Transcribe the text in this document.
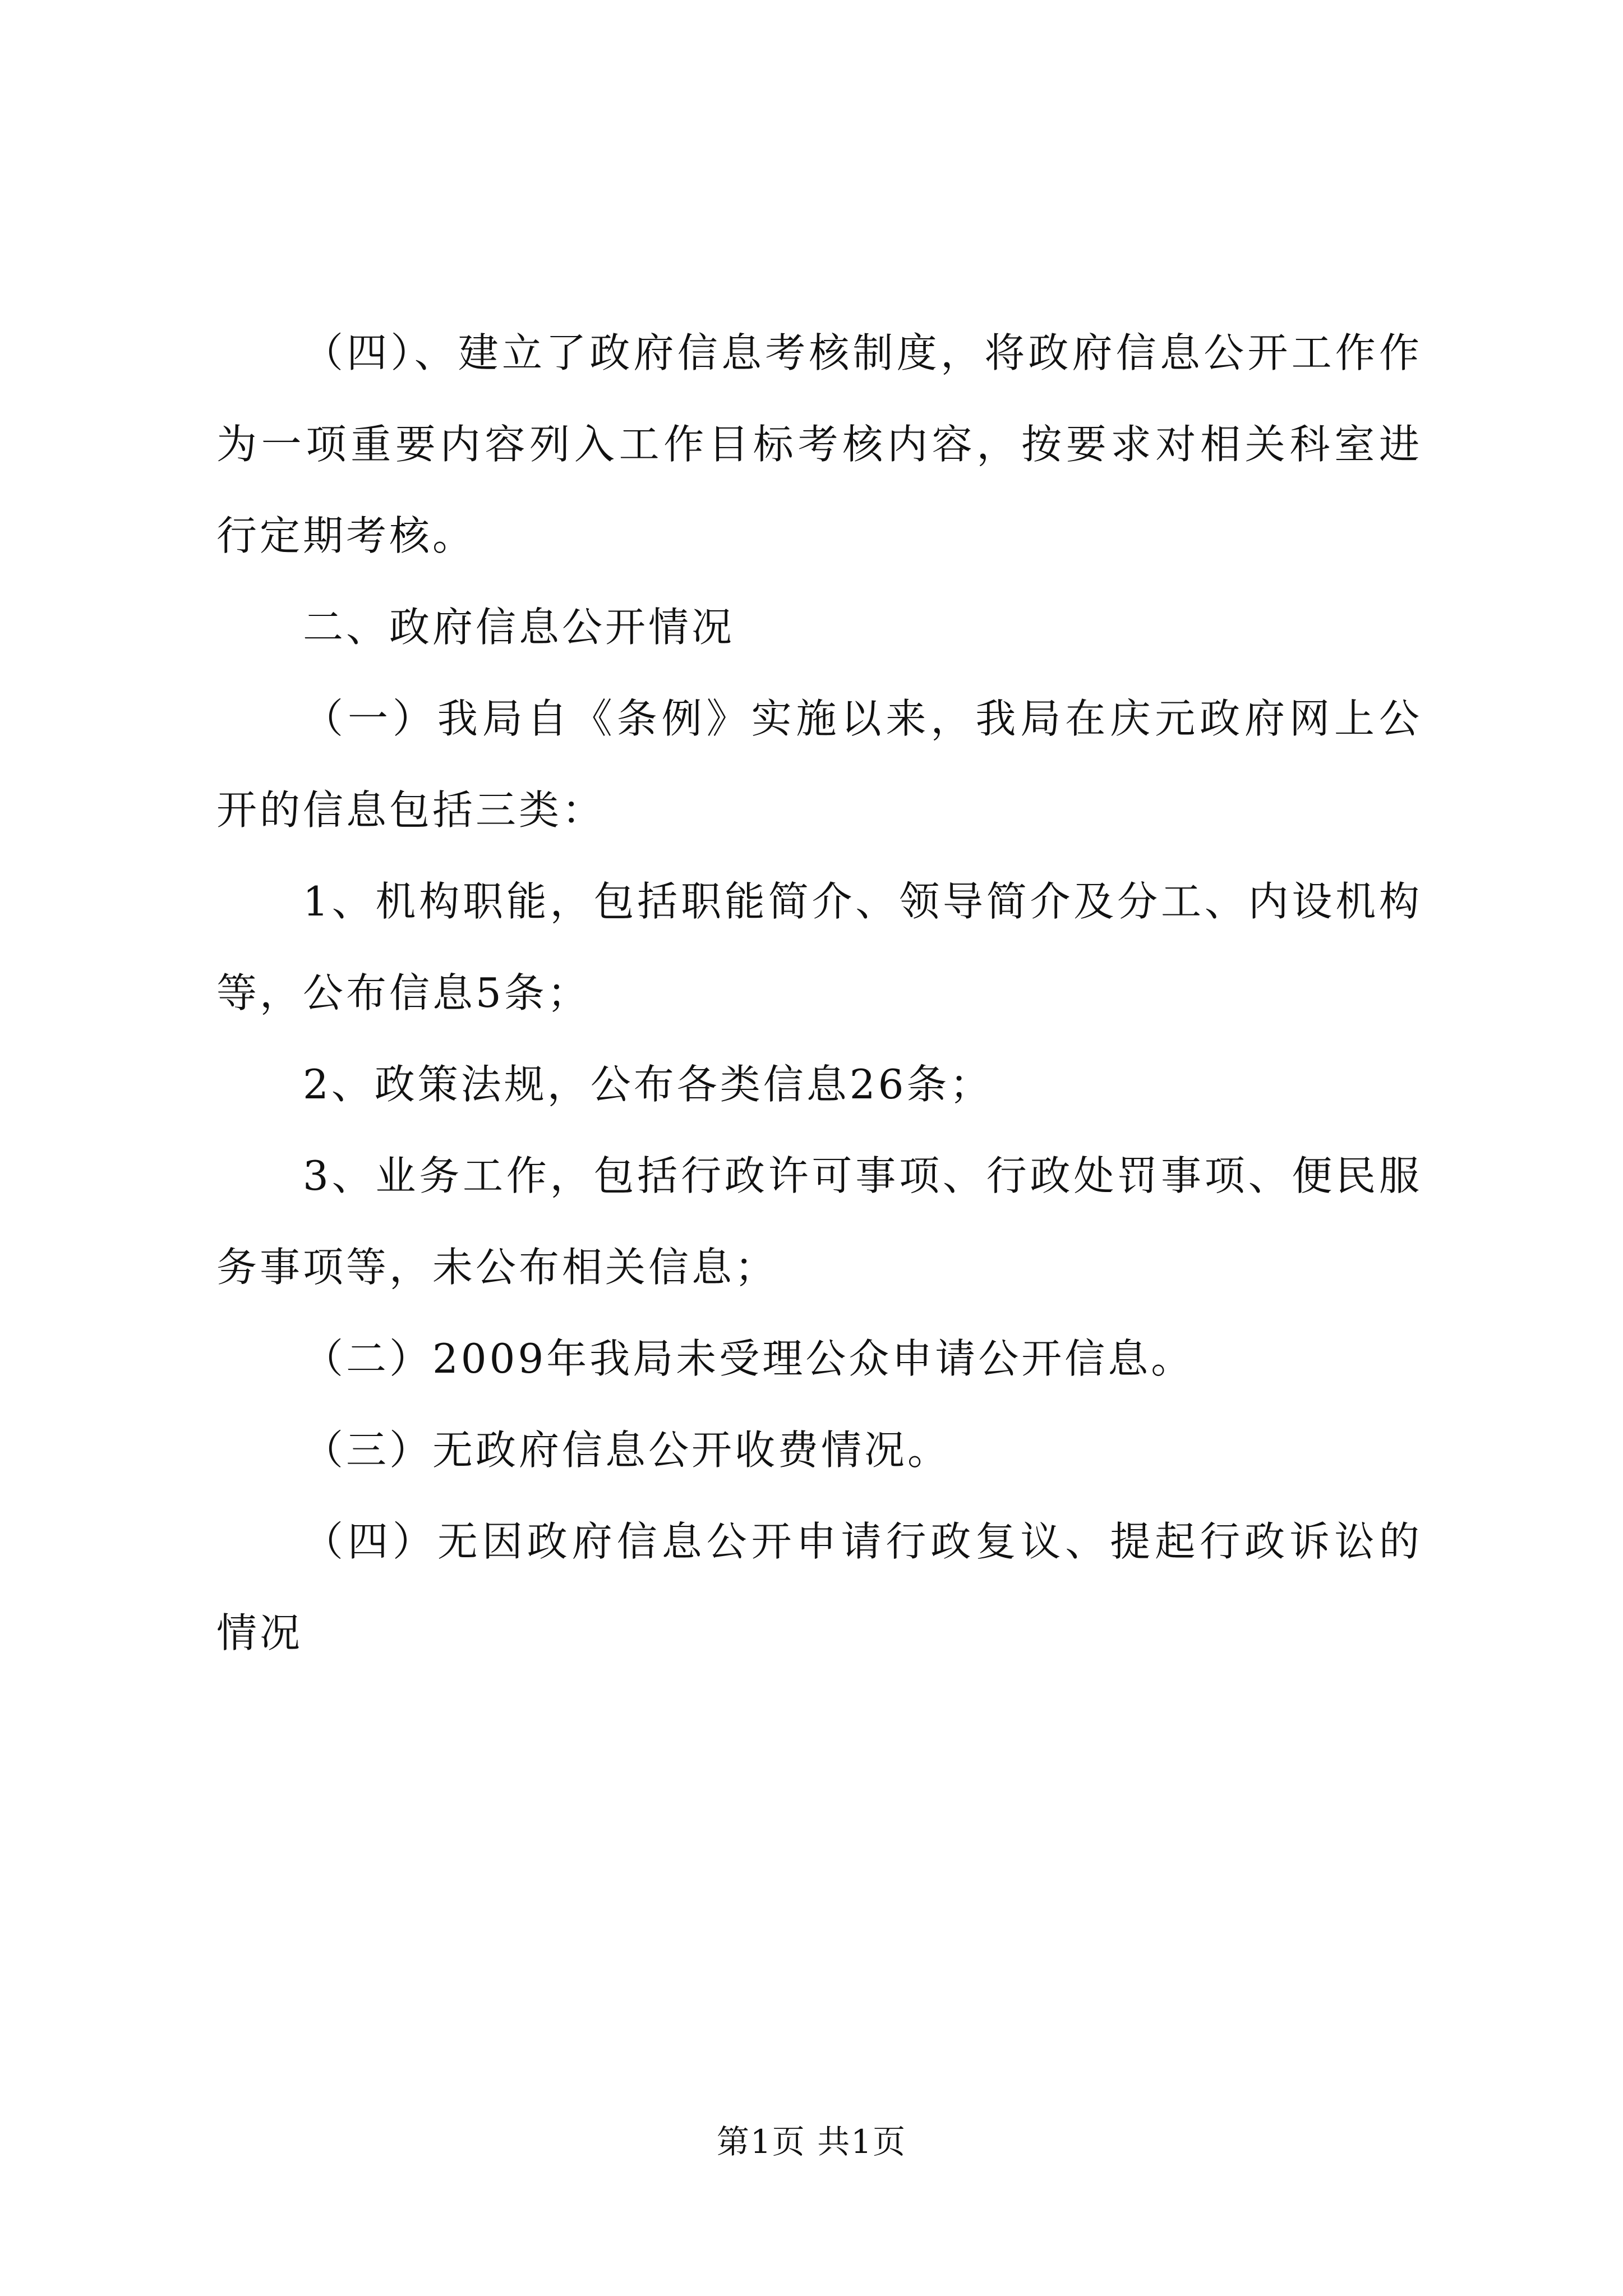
（四）、建立了政府信息考核制度，将政府信息公开工作作为一项重要内容列入工作目标考核内容，按要求对相关科室进行定期考核。

二、政府信息公开情况

（一）我局自《条例》实施以来，我局在庆元政府网上公开的信息包括三类：

1、机构职能，包括职能简介、领导简介及分工、内设机构等，公布信息5条；

2、政策法规，公布各类信息26条；

3、业务工作，包括行政许可事项、行政处罚事项、便民服务事项等，未公布相关信息；

（二）2009年我局未受理公众申请公开信息。

（三）无政府信息公开收费情况。

（四）无因政府信息公开申请行政复议、提起行政诉讼的情况

第1页 共1页
